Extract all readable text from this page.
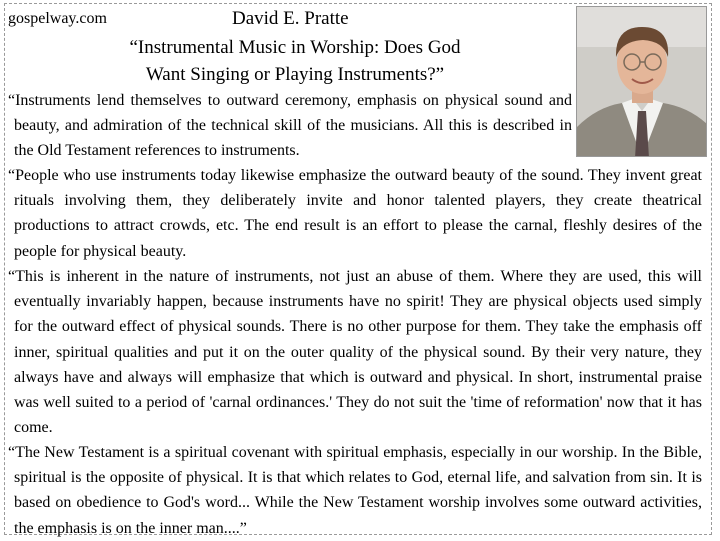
gospelway.com	David E. Pratte
“Instrumental Music in Worship: Does God
Want Singing or Playing Instruments?”
“Instruments lend themselves to outward ceremony, emphasis on physical sound and beauty, and admiration of the technical skill of the musicians. All this is described in the Old Testament references to instruments.
“People who use instruments today likewise emphasize the outward beauty of the sound. They invent great rituals involving them, they deliberately invite and honor talented players, they create theatrical productions to attract crowds, etc. The end result is an effort to please the carnal, fleshly desires of the people for physical beauty.
“This is inherent in the nature of instruments, not just an abuse of them. Where they are used, this will eventually invariably happen, because instruments have no spirit! They are physical objects used simply for the outward effect of physical sounds. There is no other purpose for them. They take the emphasis off inner, spiritual qualities and put it on the outer quality of the physical sound. By their very nature, they always have and always will emphasize that which is outward and physical. In short, instrumental praise was well suited to a period of 'carnal ordinances.' They do not suit the 'time of reformation' now that it has come.
“The New Testament is a spiritual covenant with spiritual emphasis, especially in our worship. In the Bible, spiritual is the opposite of physical. It is that which relates to God, eternal life, and salvation from sin. It is based on obedience to God's word... While the New Testament worship involves some outward activities, the emphasis is on the inner man....”
